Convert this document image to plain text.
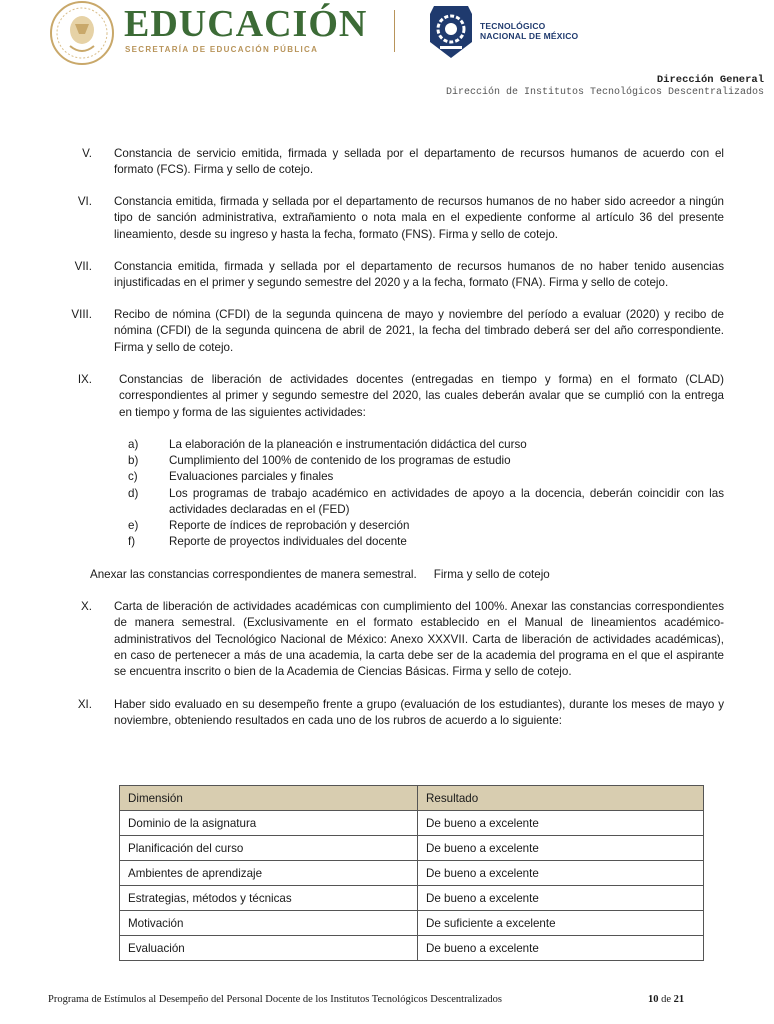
EDUCACIÓN
SECRETARÍA DE EDUCACIÓN PÚBLICA
TECNOLÓGICO
NACIONAL DE MÉXICO
Dirección General
Dirección de Institutos Tecnológicos Descentralizados
V. Constancia de servicio emitida, firmada y sellada por el departamento de recursos humanos de acuerdo con el formato (FCS). Firma y sello de cotejo.
VI. Constancia emitida, firmada y sellada por el departamento de recursos humanos de no haber sido acreedor a ningún tipo de sanción administrativa, extrañamiento o nota mala en el expediente conforme al artículo 36 del presente lineamiento, desde su ingreso y hasta la fecha, formato (FNS). Firma y sello de cotejo.
VII. Constancia emitida, firmada y sellada por el departamento de recursos humanos de no haber tenido ausencias injustificadas en el primer y segundo semestre del 2020 y a la fecha, formato (FNA). Firma y sello de cotejo.
VIII. Recibo de nómina (CFDI) de la segunda quincena de mayo y noviembre del período a evaluar (2020) y recibo de nómina (CFDI) de la segunda quincena de abril de 2021, la fecha del timbrado deberá ser del año correspondiente. Firma y sello de cotejo.
IX. Constancias de liberación de actividades docentes (entregadas en tiempo y forma) en el formato (CLAD) correspondientes al primer y segundo semestre del 2020, las cuales deberán avalar que se cumplió con la entrega en tiempo y forma de las siguientes actividades:
a)	La elaboración de la planeación e instrumentación didáctica del curso
b)	Cumplimiento del 100% de contenido de los programas de estudio
c)	Evaluaciones parciales y finales
d)	Los programas de trabajo académico en actividades de apoyo a la docencia, deberán coincidir con las actividades declaradas en el (FED)
e)	Reporte de índices de reprobación y deserción
f)	Reporte de proyectos individuales del docente
Anexar las constancias correspondientes de manera semestral. Firma y sello de cotejo
X. Carta de liberación de actividades académicas con cumplimiento del 100%. Anexar las constancias correspondientes de manera semestral. (Exclusivamente en el formato establecido en el Manual de lineamientos académico-administrativos del Tecnológico Nacional de México: Anexo XXXVII. Carta de liberación de actividades académicas), en caso de pertenecer a más de una academia, la carta debe ser de la academia del programa en el que el aspirante se encuentra inscrito o bien de la Academia de Ciencias Básicas. Firma y sello de cotejo.
XI. Haber sido evaluado en su desempeño frente a grupo (evaluación de los estudiantes), durante los meses de mayo y noviembre, obteniendo resultados en cada uno de los rubros de acuerdo a lo siguiente:
Dimensión	Resultado
Dominio de la asignatura	De bueno a excelente
Planificación del curso	De bueno a excelente
Ambientes de aprendizaje	De bueno a excelente
Estrategias, métodos y técnicas	De bueno a excelente
Motivación	De suficiente a excelente
Evaluación	De bueno a excelente
Programa de Estímulos al Desempeño del Personal Docente de los Institutos Tecnológicos Descentralizados	10 de 21
